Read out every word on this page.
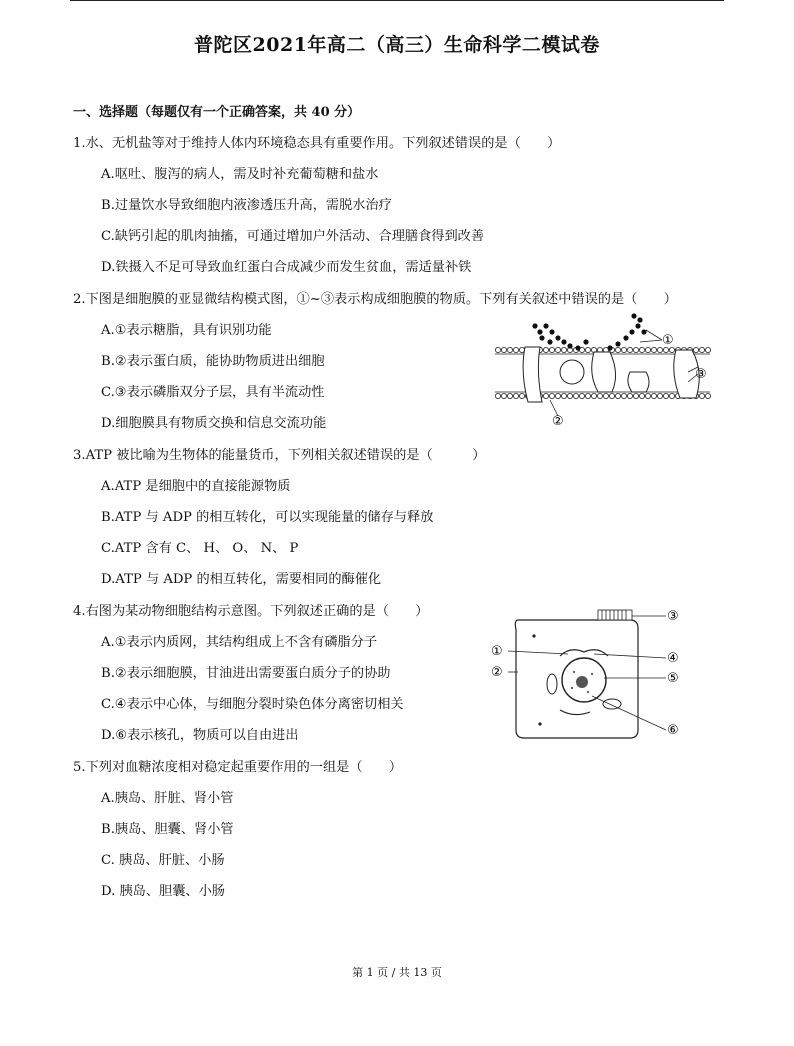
普陀区2021年高二（高三）生命科学二模试卷
一、选择题（每题仅有一个正确答案，共 40 分）
1.水、无机盐等对于维持人体内环境稳态具有重要作用。下列叙述错误的是（　　）
A.呕吐、腹泻的病人，需及时补充葡萄糖和盐水
B.过量饮水导致细胞内液渗透压升高，需脱水治疗
C.缺钙引起的肌肉抽搐，可通过增加户外活动、合理膳食得到改善
D.铁摄入不足可导致血红蛋白合成减少而发生贫血，需适量补铁
2.下图是细胞膜的亚显微结构模式图，①~③表示构成细胞膜的物质。下列有关叙述中错误的是（　　）
A.①表示糖脂，具有识别功能
B.②表示蛋白质，能协助物质进出细胞
C.③表示磷脂双分子层，具有半流动性
D.细胞膜具有物质交换和信息交流功能
①
②
③
3.ATP 被比喻为生物体的能量货币，下列相关叙述错误的是（　　　）
A.ATP 是细胞中的直接能源物质
B.ATP 与 ADP 的相互转化，可以实现能量的储存与释放
C.ATP 含有 C、 H、 O、 N、 P
D.ATP 与 ADP 的相互转化，需要相同的酶催化
4.右图为某动物细胞结构示意图。下列叙述正确的是（　　）
A.①表示内质网，其结构组成上不含有磷脂分子
B.②表示细胞膜，甘油进出需要蛋白质分子的协助
C.④表示中心体，与细胞分裂时染色体分离密切相关
D.⑥表示核孔，物质可以自由进出
③
①	④
②	⑤
⑥
5.下列对血糖浓度相对稳定起重要作用的一组是（　　）
A.胰岛、肝脏、肾小管
B.胰岛、胆囊、肾小管
C. 胰岛、肝脏、小肠
D. 胰岛、胆囊、小肠
第 1 页 / 共 13 页
